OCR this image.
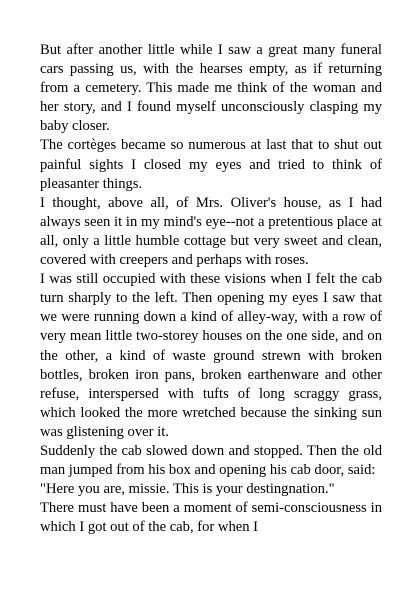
But after another little while I saw a great many funeral cars passing us, with the hearses empty, as if returning from a cemetery. This made me think of the woman and her story, and I found myself unconsciously clasping my baby closer.

The cortèges became so numerous at last that to shut out painful sights I closed my eyes and tried to think of pleasanter things.

I thought, above all, of Mrs. Oliver's house, as I had always seen it in my mind's eye--not a pretentious place at all, only a little humble cottage but very sweet and clean, covered with creepers and perhaps with roses.

I was still occupied with these visions when I felt the cab turn sharply to the left. Then opening my eyes I saw that we were running down a kind of alley-way, with a row of very mean little two-storey houses on the one side, and on the other, a kind of waste ground strewn with broken bottles, broken iron pans, broken earthenware and other refuse, interspersed with tufts of long scraggy grass, which looked the more wretched because the sinking sun was glistening over it.

Suddenly the cab slowed down and stopped. Then the old man jumped from his box and opening his cab door, said:

"Here you are, missie. This is your destingnation."

There must have been a moment of semi-consciousness in which I got out of the cab, for when I
